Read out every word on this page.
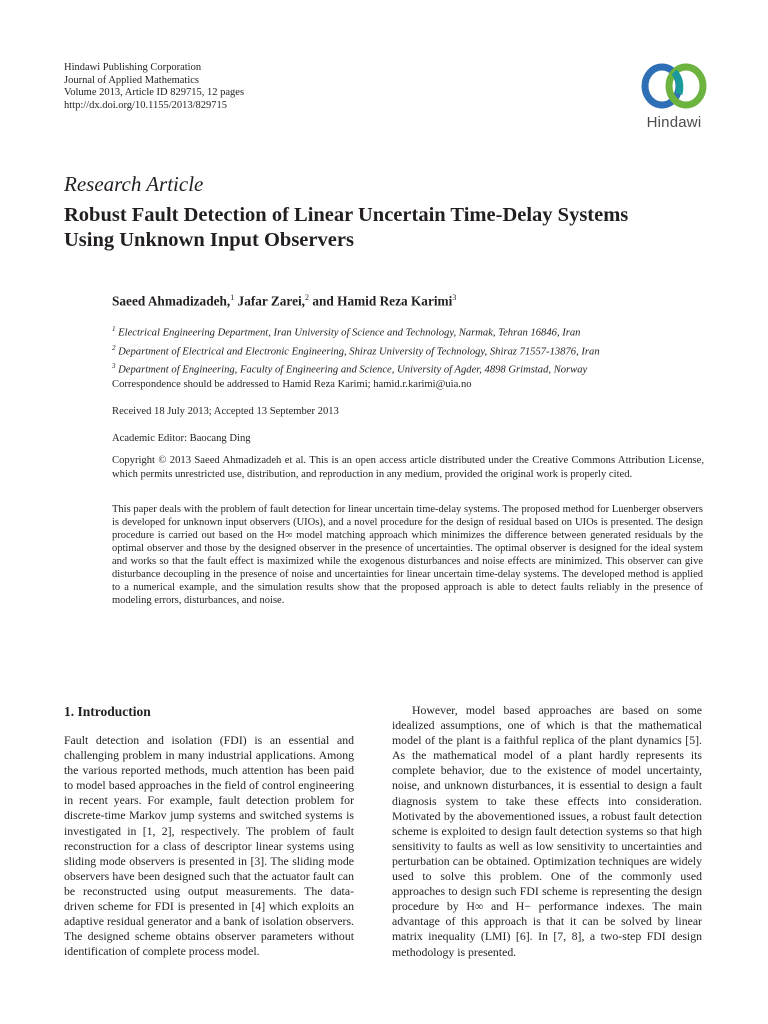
Hindawi Publishing Corporation
Journal of Applied Mathematics
Volume 2013, Article ID 829715, 12 pages
http://dx.doi.org/10.1155/2013/829715
Hindawi
Research Article
Robust Fault Detection of Linear Uncertain Time-Delay Systems
Using Unknown Input Observers
Saeed Ahmadizadeh,$^1$ Jafar Zarei,$^2$ and Hamid Reza Karimi$^3$
$^1$ Electrical Engineering Department, Iran University of Science and Technology, Narmak, Tehran 16846, Iran
$^2$ Department of Electrical and Electronic Engineering, Shiraz University of Technology, Shiraz 71557-13876, Iran
$^3$ Department of Engineering, Faculty of Engineering and Science, University of Agder, 4898 Grimstad, Norway
Correspondence should be addressed to Hamid Reza Karimi; hamid.r.karimi@uia.no
Received 18 July 2013; Accepted 13 September 2013
Academic Editor: Baocang Ding
Copyright © 2013 Saeed Ahmadizadeh et al. This is an open access article distributed under the Creative Commons Attribution License, which permits unrestricted use, distribution, and reproduction in any medium, provided the original work is properly cited.
This paper deals with the problem of fault detection for linear uncertain time-delay systems. The proposed method for Luenberger observers is developed for unknown input observers (UIOs), and a novel procedure for the design of residual based on UIOs is presented. The design procedure is carried out based on the H∞ model matching approach which minimizes the difference between generated residuals by the optimal observer and those by the designed observer in the presence of uncertainties. The optimal observer is designed for the ideal system and works so that the fault effect is maximized while the exogenous disturbances and noise effects are minimized. This observer can give disturbance decoupling in the presence of noise and uncertainties for linear uncertain time-delay systems. The developed method is applied to a numerical example, and the simulation results show that the proposed approach is able to detect faults reliably in the presence of modeling errors, disturbances, and noise.
1. Introduction
Fault detection and isolation (FDI) is an essential and challenging problem in many industrial applications. Among the various reported methods, much attention has been paid to model based approaches in the field of control engineering in recent years. For example, fault detection problem for discrete-time Markov jump systems and switched systems is investigated in [1, 2], respectively. The problem of fault reconstruction for a class of descriptor linear systems using sliding mode observers is presented in [3]. The sliding mode observers have been designed such that the actuator fault can be reconstructed using output measurements. The data-driven scheme for FDI is presented in [4] which exploits an adaptive residual generator and a bank of isolation observers. The designed scheme obtains observer parameters without identification of complete process model.
However, model based approaches are based on some idealized assumptions, one of which is that the mathematical model of the plant is a faithful replica of the plant dynamics [5]. As the mathematical model of a plant hardly represents its complete behavior, due to the existence of model uncertainty, noise, and unknown disturbances, it is essential to design a fault diagnosis system to take these effects into consideration. Motivated by the abovementioned issues, a robust fault detection scheme is exploited to design fault detection systems so that high sensitivity to faults as well as low sensitivity to uncertainties and perturbation can be obtained. Optimization techniques are widely used to solve this problem. One of the commonly used approaches to design such FDI scheme is representing the design procedure by H∞ and H− performance indexes. The main advantage of this approach is that it can be solved by linear matrix inequality (LMI) [6]. In [7, 8], a two-step FDI design methodology is presented.
